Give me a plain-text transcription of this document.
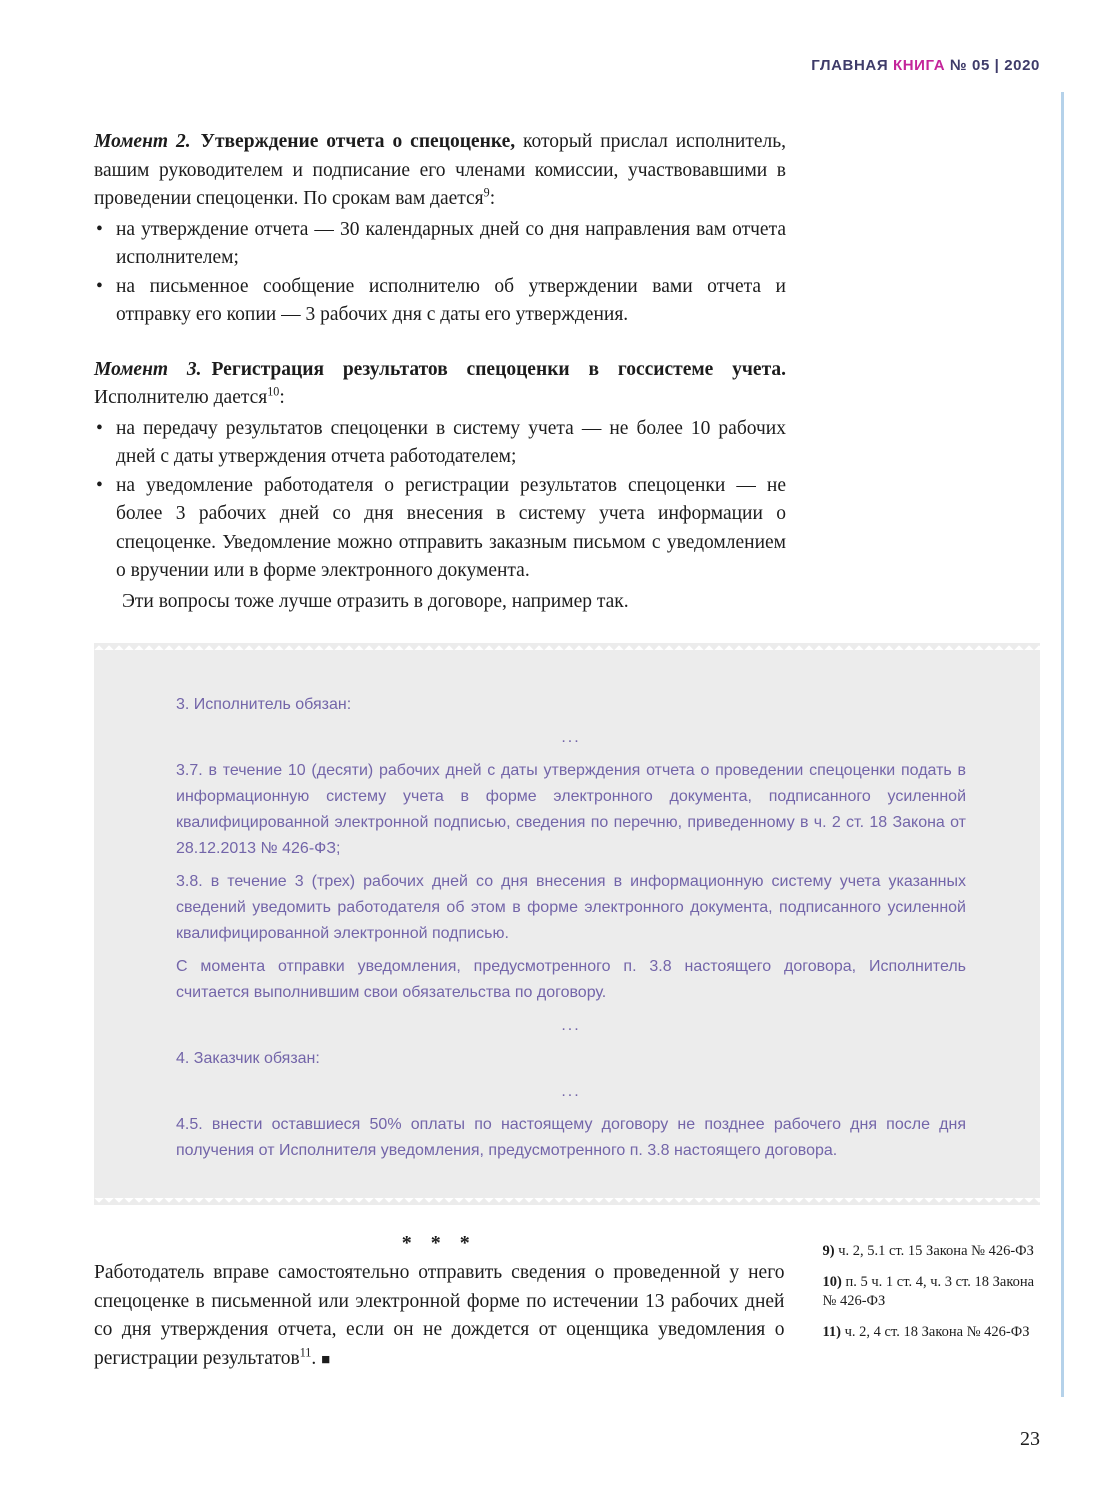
ГЛАВНАЯ КНИГА № 05 | 2020

Момент 2. Утверждение отчета о спецоценке, который прислал исполнитель, вашим руководителем и подписание его членами комиссии, участвовавшими в проведении спецоценки. По срокам вам дается$^9$:

• на утверждение отчета — 30 календарных дней со дня направления вам отчета исполнителем;
• на письменное сообщение исполнителю об утверждении вами отчета и отправку его копии — 3 рабочих дня с даты его утверждения.

Момент 3. Регистрация результатов спецоценки в госсистеме учета. Исполнителю дается$^{10}$:

• на передачу результатов спецоценки в систему учета — не более 10 рабочих дней с даты утверждения отчета работодателем;
• на уведомление работодателя о регистрации результатов спецоценки — не более 3 рабочих дней со дня внесения в систему учета информации о спецоценке. Уведомление можно отправить заказным письмом с уведомлением о вручении или в форме электронного документа.

Эти вопросы тоже лучше отразить в договоре, например так.

3. Исполнитель обязан:

...

3.7. в течение 10 (десяти) рабочих дней с даты утверждения отчета о проведении спецоценки подать в информационную систему учета в форме электронного документа, подписанного усиленной квалифицированной электронной подписью, сведения по перечню, приведенному в ч. 2 ст. 18 Закона от 28.12.2013 № 426-ФЗ;

3.8. в течение 3 (трех) рабочих дней со дня внесения в информационную систему учета указанных сведений уведомить работодателя об этом в форме электронного документа, подписанного усиленной квалифицированной электронной подписью.

С момента отправки уведомления, предусмотренного п. 3.8 настоящего договора, Исполнитель считается выполнившим свои обязательства по договору.

...

4. Заказчик обязан:

...

4.5. внести оставшиеся 50% оплаты по настоящему договору не позднее рабочего дня после дня получения от Исполнителя уведомления, предусмотренного п. 3.8 настоящего договора.

* * *

Работодатель вправе самостоятельно отправить сведения о проведенной у него спецоценке в письменной или электронной форме по истечении 13 рабочих дней со дня утверждения отчета, если он не дождется от оценщика уведомления о регистрации результатов$^{11}$. ■

9) ч. 2, 5.1 ст. 15 Закона № 426-ФЗ

10) п. 5 ч. 1 ст. 4, ч. 3 ст. 18 Закона № 426-ФЗ

11) ч. 2, 4 ст. 18 Закона № 426-ФЗ

23
